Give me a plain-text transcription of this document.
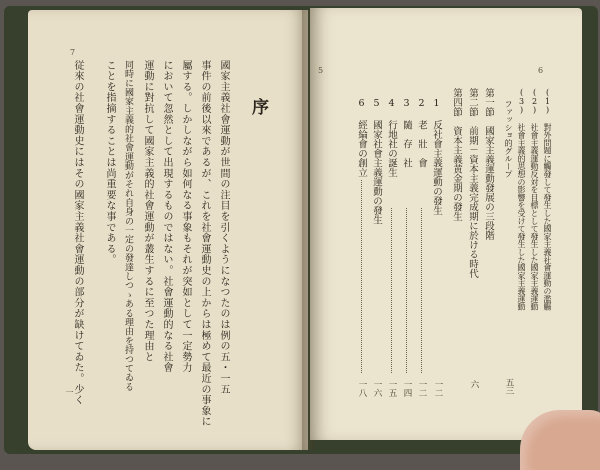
7
序
國家主義社會運動が世間の注目を引くようになつたのは例の五・一五
事件の前後以來であるが、これを社會運動史の上からは極めて最近の事象に
屬する。しかしながら如何なる事象もそれが突如として一定勢力
において忽然として出現するものではない。社會運動的なる社會
運動に對抗して國家主義的社會運動が叢生するに至つた理由と
同時に國家主義的社會運動がそれ自身の一定の發達しつゝある理由を持つてゐる
ことを指摘することは尚重要な事である。
従來の社會運動史にはその國家主義社會運動の部分が缺けてゐた。少く
一
5	6
(1) 對外問題に觸發して發生した國家主義社會運動の濫觴
(2) 社會主義運動反対を目標として發生した國家主義運動
(3) 社會主義的思想の影響を受けて發生した國家主義運動
ファッショ的グループ
五三
第一節　國家主義運動發展の三段階
第二節　前期－資本主義完成期に於ける時代
六
第四節　資本主義黄金期の發生
1 反社會主義運動の發生
一二
2 老　壯　會
一二
3 隨　存　社
一四
4 行地社の誕生
一五
5 國家社會主義運動の發生
一六
6 經綸會の創立
一八
